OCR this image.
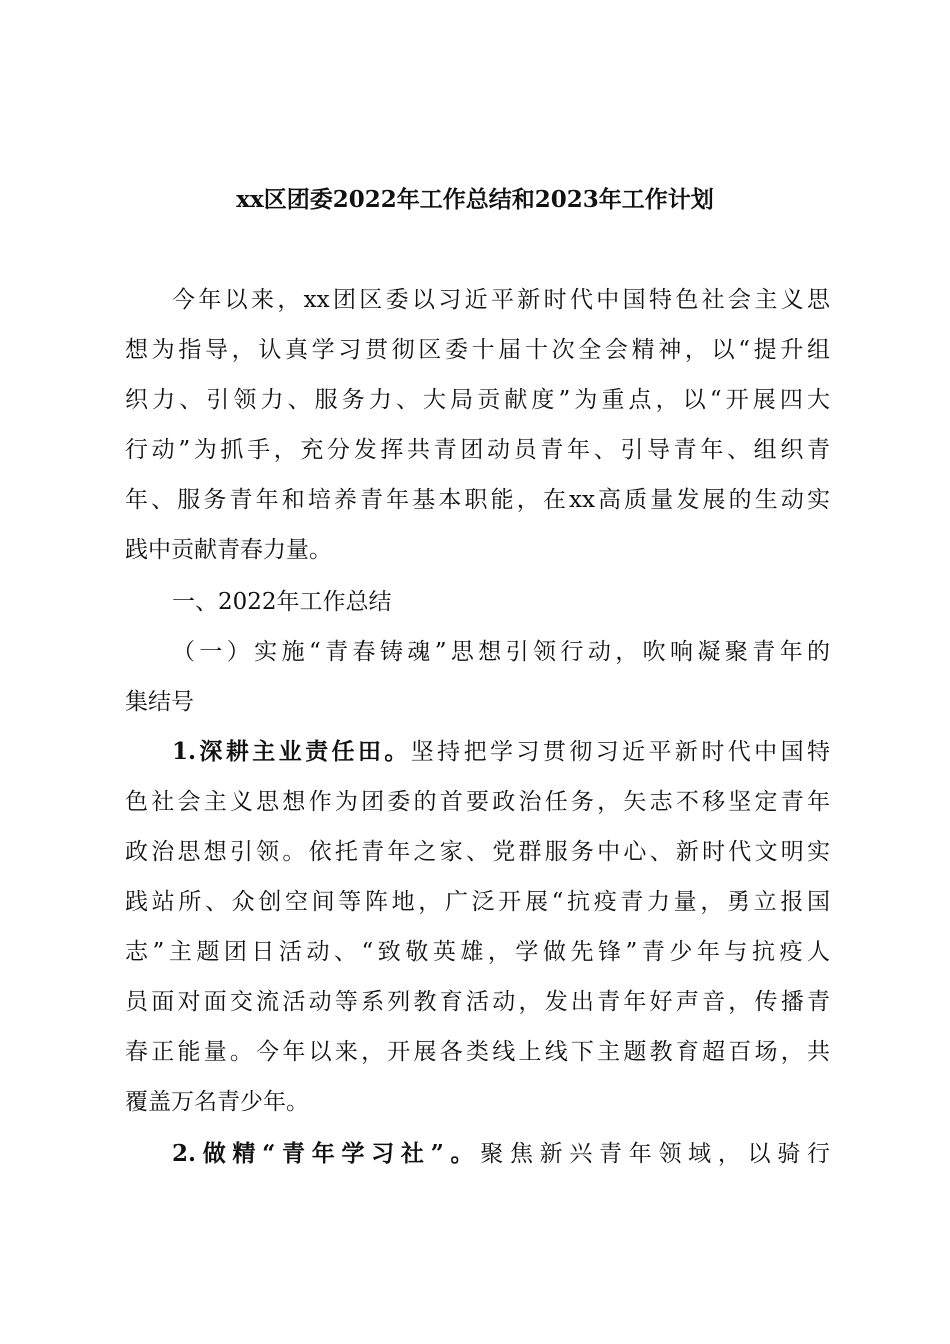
xx区团委2022年工作总结和2023年工作计划
今年以来，xx团区委以习近平新时代中国特色社会主义思
想为指导，认真学习贯彻区委十届十次全会精神，以“提升组
织力、引领力、服务力、大局贡献度”为重点，以“开展四大
行动”为抓手，充分发挥共青团动员青年、引导青年、组织青
年、服务青年和培养青年基本职能，在xx高质量发展的生动实
践中贡献青春力量。
一、2022年工作总结
（一）实施“青春铸魂”思想引领行动，吹响凝聚青年的
集结号
1.深耕主业责任田。坚持把学习贯彻习近平新时代中国特
色社会主义思想作为团委的首要政治任务，矢志不移坚定青年
政治思想引领。依托青年之家、党群服务中心、新时代文明实
践站所、众创空间等阵地，广泛开展“抗疫青力量，勇立报国
志”主题团日活动、“致敬英雄，学做先锋”青少年与抗疫人
员面对面交流活动等系列教育活动，发出青年好声音，传播青
春正能量。今年以来，开展各类线上线下主题教育超百场，共
覆盖万名青少年。
2.做精“青年学习社”。聚焦新兴青年领域，以骑行
